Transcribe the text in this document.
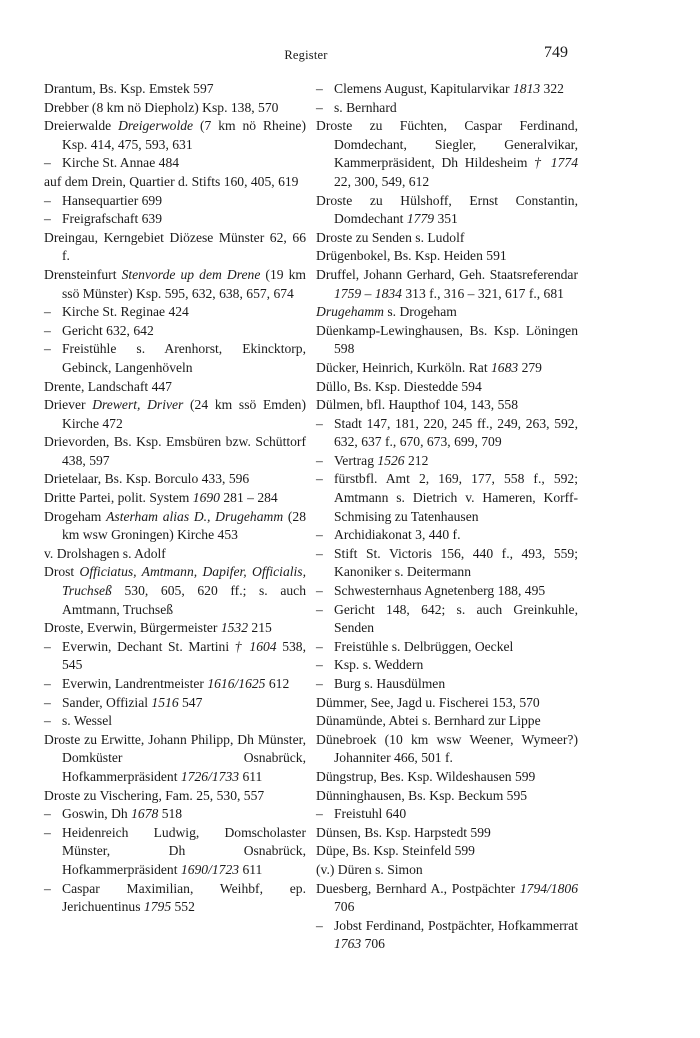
Register	749
Drantum, Bs. Ksp. Emstek 597
Drebber (8 km nö Diepholz) Ksp. 138, 570
Dreierwalde Dreigerwolde (7 km nö Rheine) Ksp. 414, 475, 593, 631
– Kirche St. Annae 484
auf dem Drein, Quartier d. Stifts 160, 405, 619
– Hansequartier 699
– Freigrafschaft 639
Dreingau, Kerngebiet Diözese Münster 62, 66 f.
Drensteinfurt Stenvorde up dem Drene (19 km ssö Münster) Ksp. 595, 632, 638, 657, 674
– Kirche St. Reginae 424
– Gericht 632, 642
– Freistühle s. Arenhorst, Ekincktorp, Gebinck, Langenhöveln
Drente, Landschaft 447
Driever Drewert, Driver (24 km ssö Emden) Kirche 472
Drievorden, Bs. Ksp. Emsbüren bzw. Schüttorf 438, 597
Drietelaar, Bs. Ksp. Borculo 433, 596
Dritte Partei, polit. System 1690 281 – 284
Drogeham Asterham alias D., Drugehamm (28 km wsw Groningen) Kirche 453
v. Drolshagen s. Adolf
Drost Officiatus, Amtmann, Dapifer, Officialis, Truchseß 530, 605, 620 ff.; s. auch Amtmann, Truchseß
Droste, Everwin, Bürgermeister 1532 215
– Everwin, Dechant St. Martini † 1604 538, 545
– Everwin, Landrentmeister 1616/1625 612
– Sander, Offizial 1516 547
– s. Wessel
Droste zu Erwitte, Johann Philipp, Dh Münster, Domküster Osnabrück, Hofkammerpräsident 1726/1733 611
Droste zu Vischering, Fam. 25, 530, 557
– Goswin, Dh 1678 518
– Heidenreich Ludwig, Domscholaster Münster, Dh Osnabrück, Hofkammerpräsident 1690/1723 611
– Caspar Maximilian, Weihbf, ep. Jerichuentinus 1795 552
– Clemens August, Kapitularvikar 1813 322
– s. Bernhard
Droste zu Füchten, Caspar Ferdinand, Domdechant, Siegler, Generalvikar, Kammerpräsident, Dh Hildesheim † 1774 22, 300, 549, 612
Droste zu Hülshoff, Ernst Constantin, Domdechant 1779 351
Droste zu Senden s. Ludolf
Drügenbokel, Bs. Ksp. Heiden 591
Druffel, Johann Gerhard, Geh. Staatsreferendar 1759 – 1834 313 f., 316 – 321, 617 f., 681
Drugehamm s. Drogeham
Düenkamp-Lewinghausen, Bs. Ksp. Löningen 598
Dücker, Heinrich, Kurköln. Rat 1683 279
Düllo, Bs. Ksp. Diestedde 594
Dülmen, bfl. Haupthof 104, 143, 558
– Stadt 147, 181, 220, 245 ff., 249, 263, 592, 632, 637 f., 670, 673, 699, 709
– Vertrag 1526 212
– fürstbfl. Amt 2, 169, 177, 558 f., 592; Amtmann s. Dietrich v. Hameren, Korff-Schmising zu Tatenhausen
– Archidiakonat 3, 440 f.
– Stift St. Victoris 156, 440 f., 493, 559; Kanoniker s. Deitermann
– Schwesternhaus Agnetenberg 188, 495
– Gericht 148, 642; s. auch Greinkuhle, Senden
– Freistühle s. Delbrüggen, Oeckel
– Ksp. s. Weddern
– Burg s. Hausdülmen
Dümmer, See, Jagd u. Fischerei 153, 570
Dünamünde, Abtei s. Bernhard zur Lippe
Dünebroek (10 km wsw Weener, Wymeer?) Johanniter 466, 501 f.
Düngstrup, Bes. Ksp. Wildeshausen 599
Dünninghausen, Bs. Ksp. Beckum 595
– Freistuhl 640
Dünsen, Bs. Ksp. Harpstedt 599
Düpe, Bs. Ksp. Steinfeld 599
(v.) Düren s. Simon
Duesberg, Bernhard A., Postpächter 1794/1806 706
– Jobst Ferdinand, Postpächter, Hofkammerrat 1763 706
